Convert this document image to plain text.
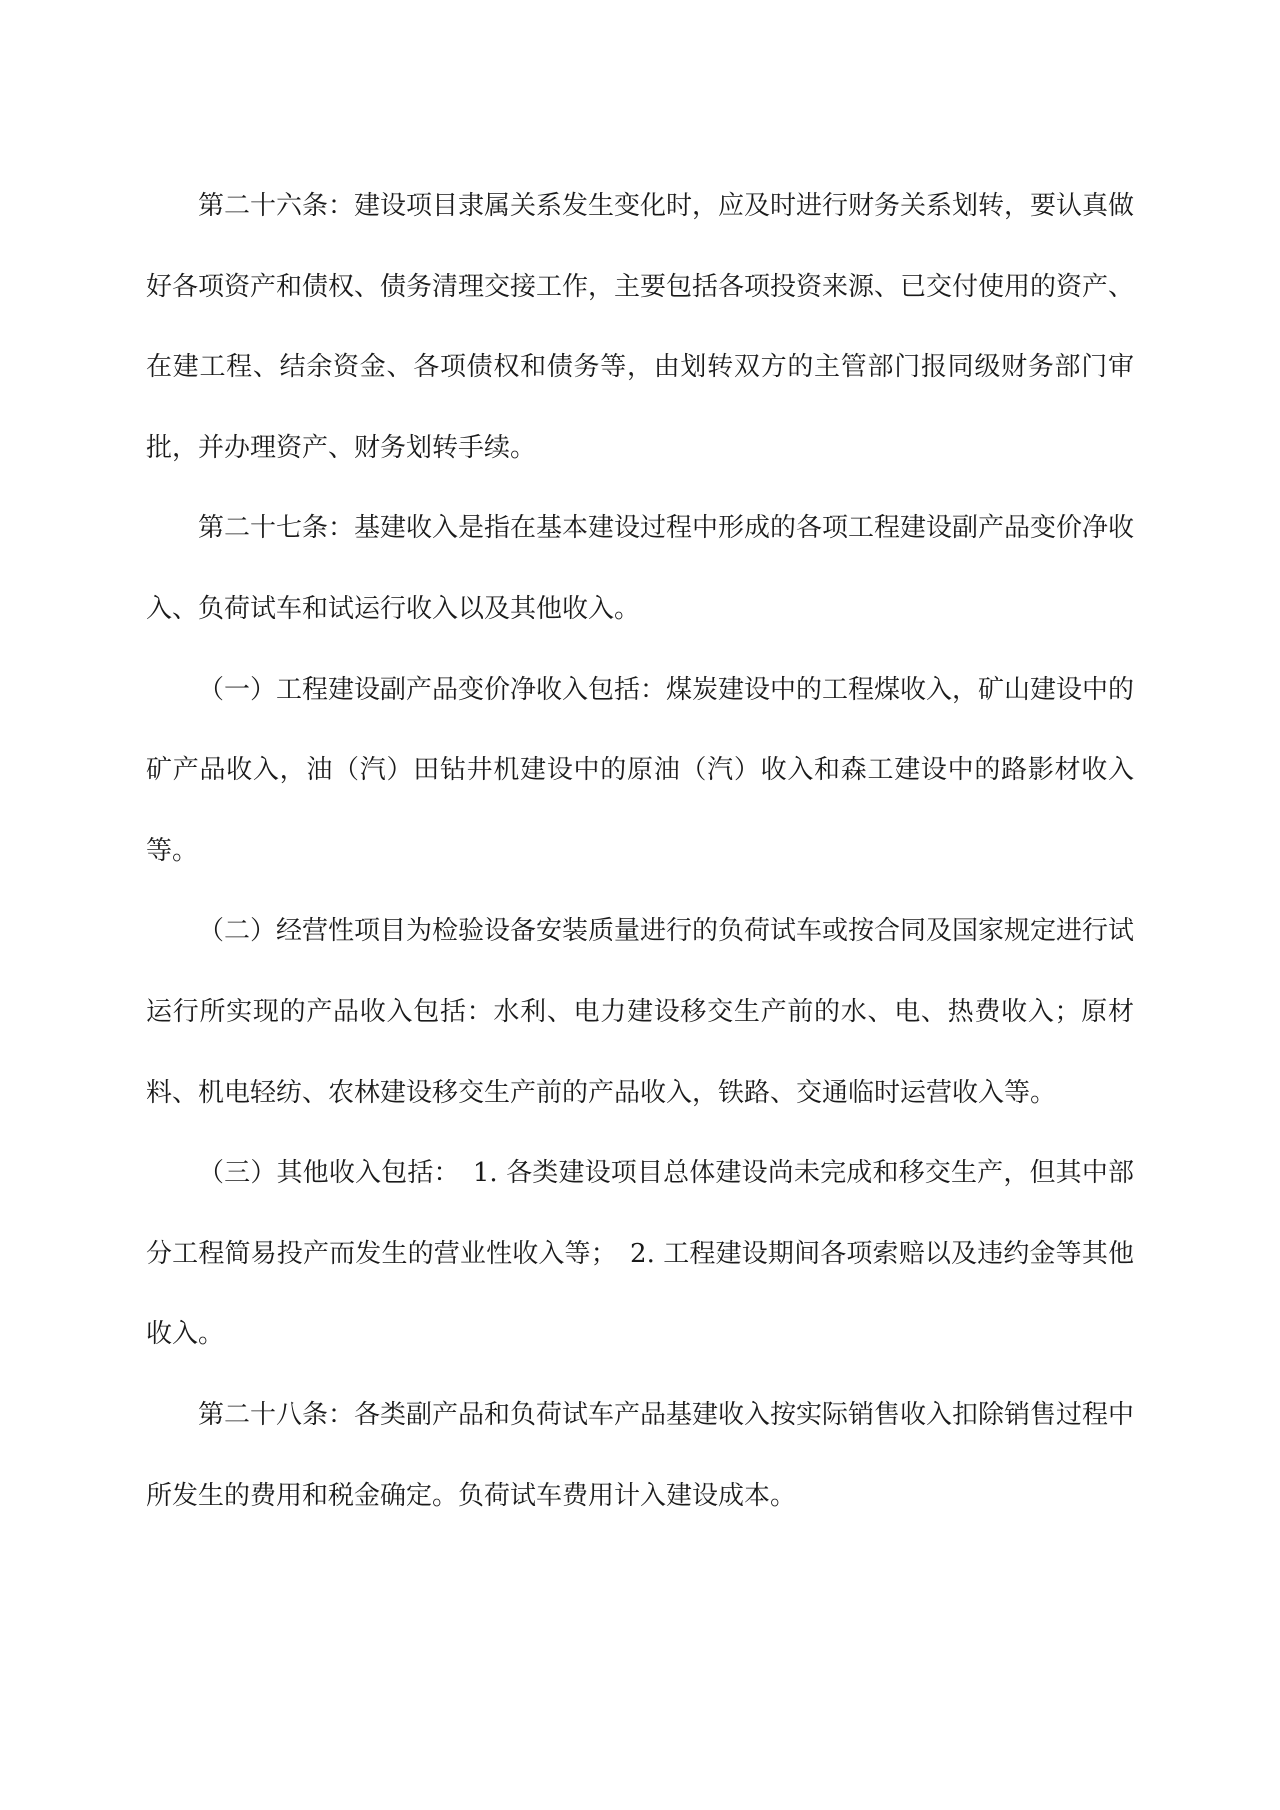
第二十六条：建设项目隶属关系发生变化时，应及时进行财务关系划转，要认真做好各项资产和债权、债务清理交接工作，主要包括各项投资来源、已交付使用的资产、在建工程、结余资金、各项债权和债务等，由划转双方的主管部门报同级财务部门审批，并办理资产、财务划转手续。

第二十七条：基建收入是指在基本建设过程中形成的各项工程建设副产品变价净收入、负荷试车和试运行收入以及其他收入。

（一）工程建设副产品变价净收入包括：煤炭建设中的工程煤收入，矿山建设中的矿产品收入，油（汽）田钻井机建设中的原油（汽）收入和森工建设中的路影材收入等。

（二）经营性项目为检验设备安装质量进行的负荷试车或按合同及国家规定进行试运行所实现的产品收入包括：水利、电力建设移交生产前的水、电、热费收入；原材料、机电轻纺、农林建设移交生产前的产品收入，铁路、交通临时运营收入等。

（三）其他收入包括：　1. 各类建设项目总体建设尚未完成和移交生产，但其中部分工程简易投产而发生的营业性收入等；　2. 工程建设期间各项索赔以及违约金等其他收入。

第二十八条：各类副产品和负荷试车产品基建收入按实际销售收入扣除销售过程中所发生的费用和税金确定。负荷试车费用计入建设成本。
